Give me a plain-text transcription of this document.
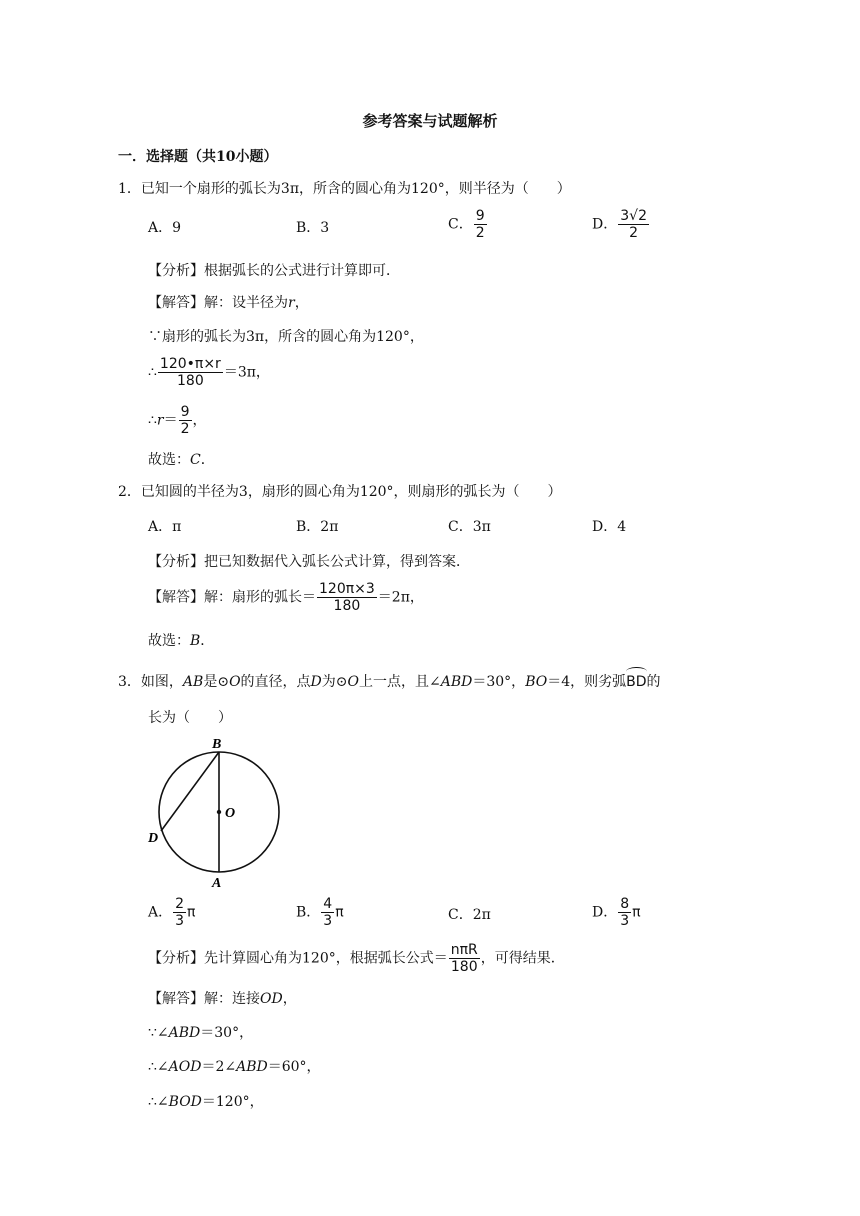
参考答案与试题解析
一．选择题（共10小题）
1．已知一个扇形的弧长为3π，所含的圆心角为120°，则半径为（　　）
A．9	B．3	C． $\frac{9}{2}$	D． $\frac{3√2}{2}$
【分析】根据弧长的公式进行计算即可．
【解答】解：设半径为r，
∵扇形的弧长为3π，所含的圆心角为120°，
∴ $\frac{120•\pi\times r}{180} =3\pi$，
∴r＝ $\frac{9}{2}$ ，
故选：C．
2．已知圆的半径为3，扇形的圆心角为120°，则扇形的弧长为（　　）
A．π	B．2π	C．3π	D．4
【分析】把已知数据代入弧长公式计算，得到答案．
【解答】解：扇形的弧长＝ $\frac{120\pi\times 3}{180} =2\pi$，
故选：B．
3．如图，AB是⊙O的直径，点D为⊙O上一点，且∠ABD＝30°，BO＝4，则劣弧BD的
长为（　　）
B
O
D
A
A． $\frac{2}{3}$ π	B． $\frac{4}{3}$ π	C．2π	D． $\frac{8}{3}$ π
【分析】先计算圆心角为120°，根据弧长公式＝ $\frac{\text{nπR}}{180}$ ，可得结果．
【解答】解：连接OD，
∵∠ABD＝30°，
∴∠AOD＝2∠ABD＝60°，
∴∠BOD＝120°，
